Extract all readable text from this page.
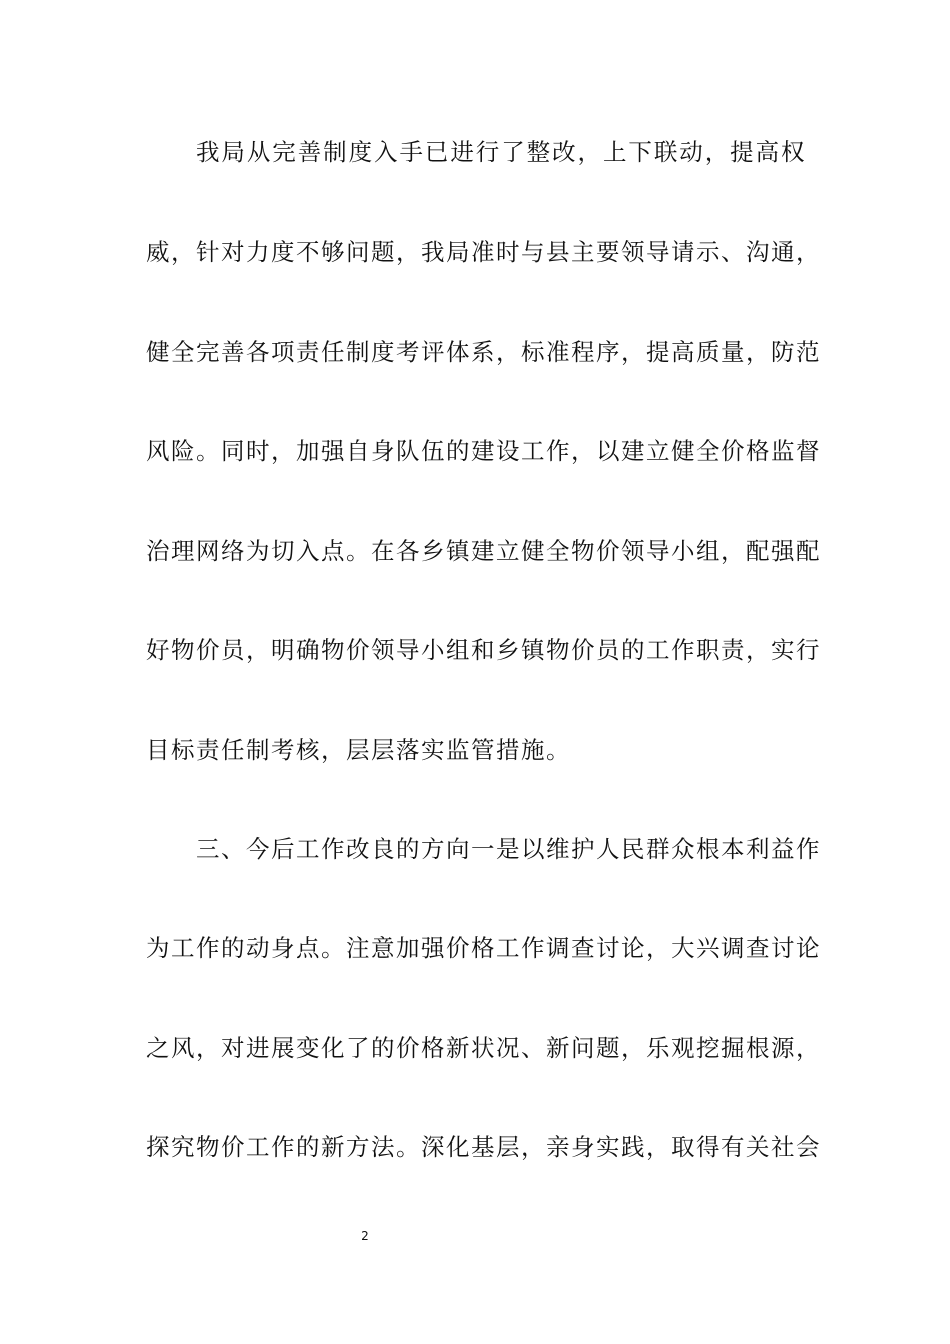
我局从完善制度入手已进行了整改，上下联动，提高权
威，针对力度不够问题，我局准时与县主要领导请示、沟通，
健全完善各项责任制度考评体系，标准程序，提高质量，防范
风险。同时，加强自身队伍的建设工作，以建立健全价格监督
治理网络为切入点。在各乡镇建立健全物价领导小组，配强配
好物价员，明确物价领导小组和乡镇物价员的工作职责，实行
目标责任制考核，层层落实监管措施。
三、今后工作改良的方向一是以维护人民群众根本利益作
为工作的动身点。注意加强价格工作调查讨论，大兴调查讨论
之风，对进展变化了的价格新状况、新问题，乐观挖掘根源，
探究物价工作的新方法。深化基层，亲身实践，取得有关社会
2
